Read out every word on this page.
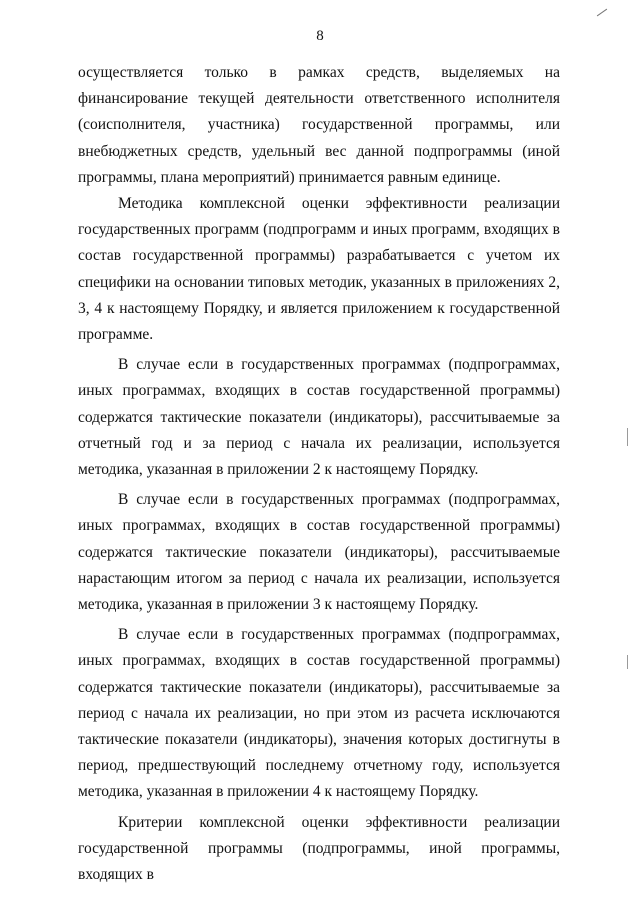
8

осуществляется только в рамках средств, выделяемых на финансирование текущей деятельности ответственного исполнителя (соисполнителя, участника) государственной программы, или внебюджетных средств, удельный вес данной подпрограммы (иной программы, плана мероприятий) принимается равным единице.

Методика комплексной оценки эффективности реализации государственных программ (подпрограмм и иных программ, входящих в состав государственной программы) разрабатывается с учетом их специфики на основании типовых методик, указанных в приложениях 2, 3, 4 к настоящему Порядку, и является приложением к государственной программе.

В случае если в государственных программах (подпрограммах, иных программах, входящих в состав государственной программы) содержатся тактические показатели (индикаторы), рассчитываемые за отчетный год и за период с начала их реализации, используется методика, указанная в приложении 2 к настоящему Порядку.

В случае если в государственных программах (подпрограммах, иных программах, входящих в состав государственной программы) содержатся тактические показатели (индикаторы), рассчитываемые нарастающим итогом за период с начала их реализации, используется методика, указанная в приложении 3 к настоящему Порядку.

В случае если в государственных программах (подпрограммах, иных программах, входящих в состав государственной программы) содержатся тактические показатели (индикаторы), рассчитываемые за период с начала их реализации, но при этом из расчета исключаются тактические показатели (индикаторы), значения которых достигнуты в период, предшествующий последнему отчетному году, используется методика, указанная в приложении 4 к настоящему Порядку.

Критерии комплексной оценки эффективности реализации государственной программы (подпрограммы, иной программы, входящих в
